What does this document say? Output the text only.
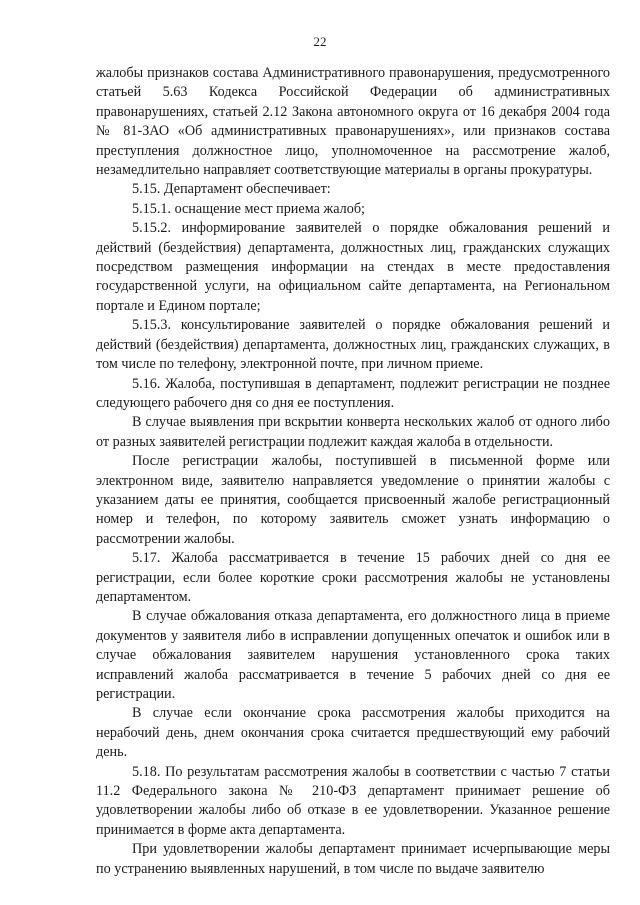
22

жалобы признаков состава Административного правонарушения, предусмотренного статьей 5.63 Кодекса Российской Федерации об административных правонарушениях, статьей 2.12 Закона автономного округа от 16 декабря 2004 года № 81-ЗАО «Об административных правонарушениях», или признаков состава преступления должностное лицо, уполномоченное на рассмотрение жалоб, незамедлительно направляет соответствующие материалы в органы прокуратуры.

5.15. Департамент обеспечивает:

5.15.1. оснащение мест приема жалоб;

5.15.2. информирование заявителей о порядке обжалования решений и действий (бездействия) департамента, должностных лиц, гражданских служащих посредством размещения информации на стендах в месте предоставления государственной услуги, на официальном сайте департамента, на Региональном портале и Едином портале;

5.15.3. консультирование заявителей о порядке обжалования решений и действий (бездействия) департамента, должностных лиц, гражданских служащих, в том числе по телефону, электронной почте, при личном приеме.

5.16. Жалоба, поступившая в департамент, подлежит регистрации не позднее следующего рабочего дня со дня ее поступления.

В случае выявления при вскрытии конверта нескольких жалоб от одного либо от разных заявителей регистрации подлежит каждая жалоба в отдельности.

После регистрации жалобы, поступившей в письменной форме или электронном виде, заявителю направляется уведомление о принятии жалобы с указанием даты ее принятия, сообщается присвоенный жалобе регистрационный номер и телефон, по которому заявитель сможет узнать информацию о рассмотрении жалобы.

5.17. Жалоба рассматривается в течение 15 рабочих дней со дня ее регистрации, если более короткие сроки рассмотрения жалобы не установлены департаментом.

В случае обжалования отказа департамента, его должностного лица в приеме документов у заявителя либо в исправлении допущенных опечаток и ошибок или в случае обжалования заявителем нарушения установленного срока таких исправлений жалоба рассматривается в течение 5 рабочих дней со дня ее регистрации.

В случае если окончание срока рассмотрения жалобы приходится на нерабочий день, днем окончания срока считается предшествующий ему рабочий день.

5.18. По результатам рассмотрения жалобы в соответствии с частью 7 статьи 11.2 Федерального закона № 210-ФЗ департамент принимает решение об удовлетворении жалобы либо об отказе в ее удовлетворении. Указанное решение принимается в форме акта департамента.

При удовлетворении жалобы департамент принимает исчерпывающие меры по устранению выявленных нарушений, в том числе по выдаче заявителю
